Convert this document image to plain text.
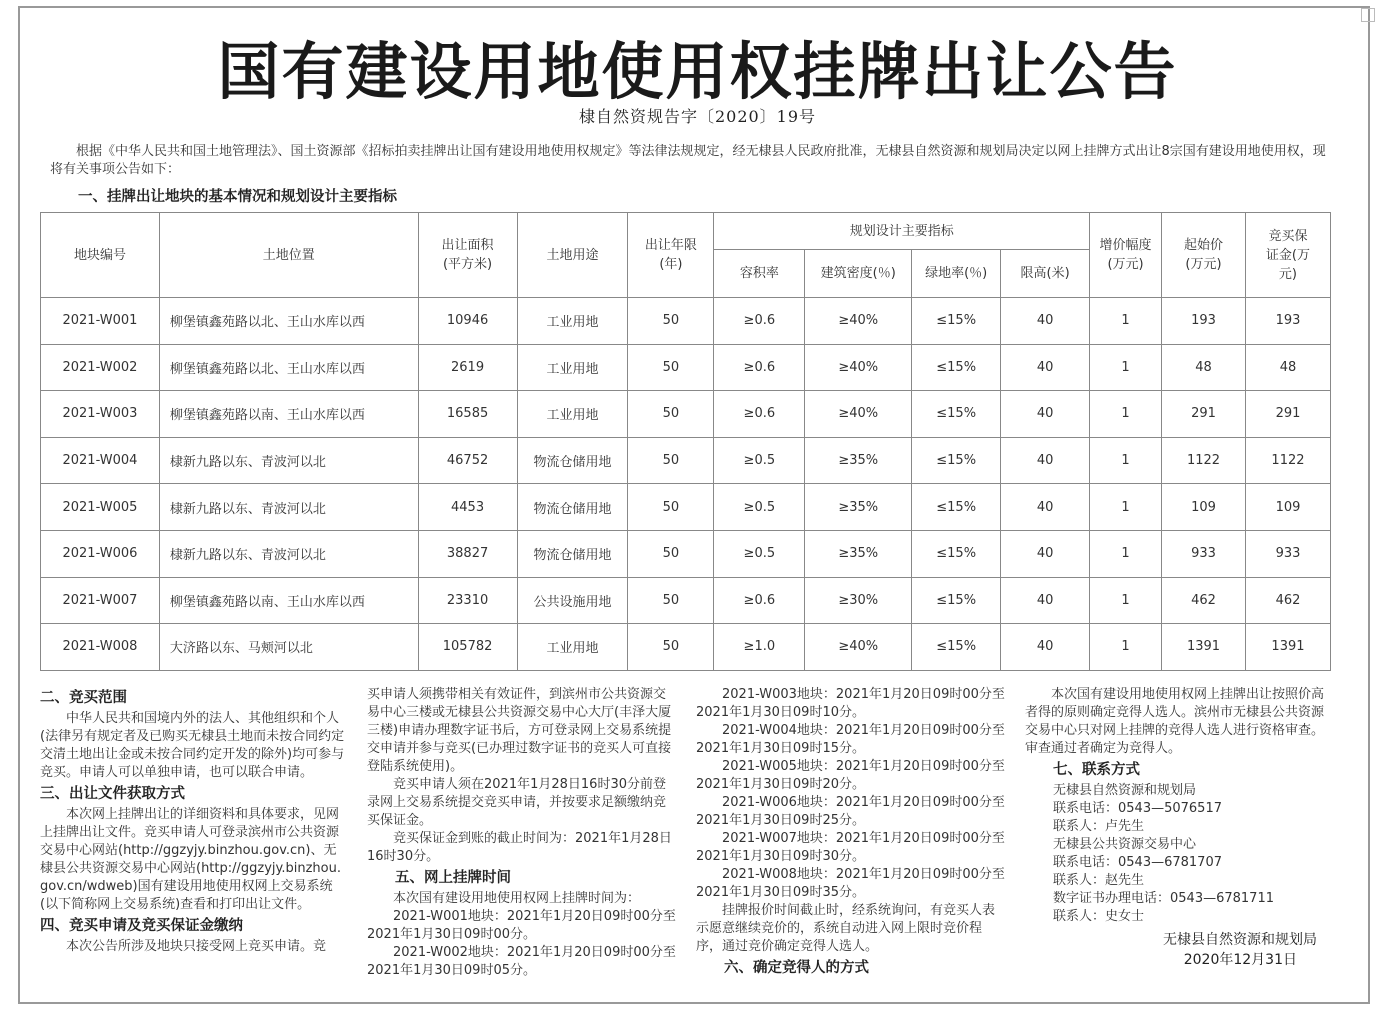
国有建设用地使用权挂牌出让公告
棣自然资规告字〔2020〕19号

根据《中华人民共和国土地管理法》、国土资源部《招标拍卖挂牌出让国有建设用地使用权规定》等法律法规规定，经无棣县人民政府批准，无棣县自然资源和规划局决定以网上挂牌方式出让8宗国有建设用地使用权，现将有关事项公告如下：

一、挂牌出让地块的基本情况和规划设计主要指标
地块编号	土地位置	出让面积(平方米)	土地用途	出让年限(年)	规划设计主要指标				增价幅度(万元)	起始价(万元)	竞买保证金(万元)
					容积率	建筑密度(％)	绿地率(％)	限高(米)			
2021-W001	柳堡镇鑫苑路以北、王山水库以西	10946	工业用地	50	≥0.6	≥40%	≤15%	40	1	193	193
2021-W002	柳堡镇鑫苑路以北、王山水库以西	2619	工业用地	50	≥0.6	≥40%	≤15%	40	1	48	48
2021-W003	柳堡镇鑫苑路以南、王山水库以西	16585	工业用地	50	≥0.6	≥40%	≤15%	40	1	291	291
2021-W004	棣新九路以东、青波河以北	46752	物流仓储用地	50	≥0.5	≥35%	≤15%	40	1	1122	1122
2021-W005	棣新九路以东、青波河以北	4453	物流仓储用地	50	≥0.5	≥35%	≤15%	40	1	109	109
2021-W006	棣新九路以东、青波河以北	38827	物流仓储用地	50	≥0.5	≥35%	≤15%	40	1	933	933
2021-W007	柳堡镇鑫苑路以南、王山水库以西	23310	公共设施用地	50	≥0.6	≥30%	≤15%	40	1	462	462
2021-W008	大济路以东、马颊河以北	105782	工业用地	50	≥1.0	≥40%	≤15%	40	1	1391	1391
二、竞买范围

中华人民共和国境内外的法人、其他组织和个人(法律另有规定者及已购买无棣县土地而未按合同约定交清土地出让金或未按合同约定开发的除外)均可参与竞买。申请人可以单独申请，也可以联合申请。

三、出让文件获取方式

本次网上挂牌出让的详细资料和具体要求，见网上挂牌出让文件。竞买申请人可登录滨州市公共资源交易中心网站(http://ggzyjy.binzhou.gov.cn)、无棣县公共资源交易中心网站(http://ggzyjy.binzhou.gov.cn/wdweb)国有建设用地使用权网上交易系统(以下简称网上交易系统)查看和打印出让文件。

四、竞买申请及竞买保证金缴纳

本次公告所涉及地块只接受网上竞买申请。竞

买申请人须携带相关有效证件，到滨州市公共资源交易中心三楼或无棣县公共资源交易中心大厅(丰泽大厦三楼)申请办理数字证书后，方可登录网上交易系统提交申请并参与竞买(已办理过数字证书的竞买人可直接登陆系统使用)。

竞买申请人须在2021年1月28日16时30分前登录网上交易系统提交竞买申请，并按要求足额缴纳竞买保证金。

竞买保证金到账的截止时间为：2021年1月28日16时30分。

五、网上挂牌时间

本次国有建设用地使用权网上挂牌时间为：

2021-W001地块：2021年1月20日09时00分至2021年1月30日09时00分。

2021-W002地块：2021年1月20日09时00分至2021年1月30日09时05分。

2021-W003地块：2021年1月20日09时00分至2021年1月30日09时10分。

2021-W004地块：2021年1月20日09时00分至2021年1月30日09时15分。

2021-W005地块：2021年1月20日09时00分至2021年1月30日09时20分。

2021-W006地块：2021年1月20日09时00分至2021年1月30日09时25分。

2021-W007地块：2021年1月20日09时00分至2021年1月30日09时30分。

2021-W008地块：2021年1月20日09时00分至2021年1月30日09时35分。

挂牌报价时间截止时，经系统询问，有竞买人表示愿意继续竞价的，系统自动进入网上限时竞价程序，通过竞价确定竞得人选人。

六、确定竞得人的方式

本次国有建设用地使用权网上挂牌出让按照价高者得的原则确定竞得人选人。滨州市无棣县公共资源交易中心只对网上挂牌的竞得人选人进行资格审查。审查通过者确定为竞得人。

七、联系方式
无棣县自然资源和规划局
联系电话：0543—5076517
联系人：卢先生
无棣县公共资源交易中心
联系电话：0543—6781707
联系人：赵先生
数字证书办理电话：0543—6781711
联系人：史女士
无棣县自然资源和规划局
2020年12月31日
